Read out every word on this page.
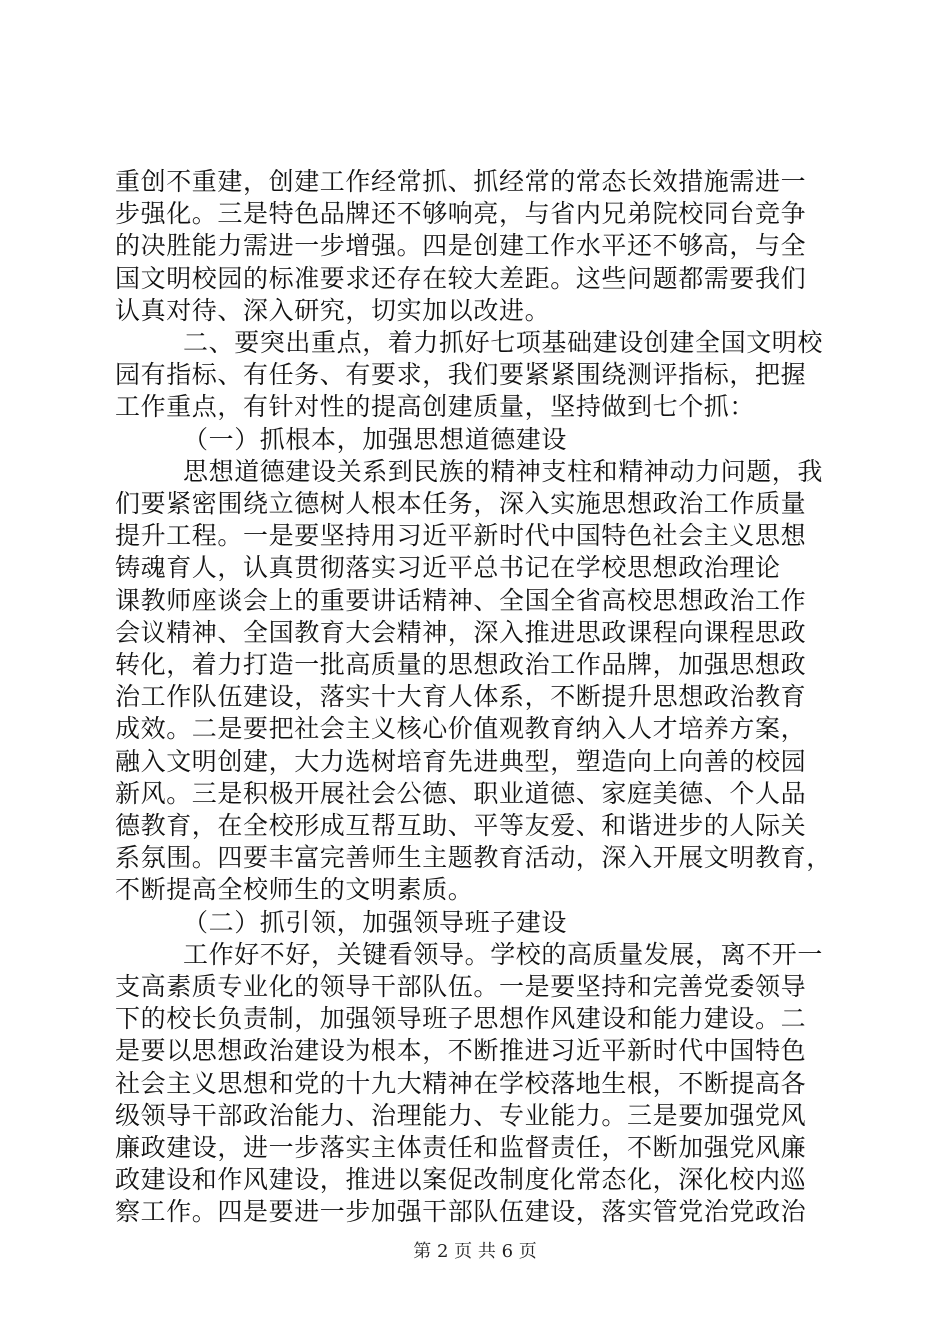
重创不重建，创建工作经常抓、抓经常的常态长效措施需进一
步强化。三是特色品牌还不够响亮，与省内兄弟院校同台竞争
的决胜能力需进一步增强。四是创建工作水平还不够高，与全
国文明校园的标准要求还存在较大差距。这些问题都需要我们
认真对待、深入研究，切实加以改进。
二、要突出重点，着力抓好七项基础建设创建全国文明校
园有指标、有任务、有要求，我们要紧紧围绕测评指标，把握
工作重点，有针对性的提高创建质量，坚持做到七个抓：
（一）抓根本，加强思想道德建设
思想道德建设关系到民族的精神支柱和精神动力问题，我
们要紧密围绕立德树人根本任务，深入实施思想政治工作质量
提升工程。一是要坚持用习近平新时代中国特色社会主义思想
铸魂育人，认真贯彻落实习近平总书记在学校思想政治理论
课教师座谈会上的重要讲话精神、全国全省高校思想政治工作
会议精神、全国教育大会精神，深入推进思政课程向课程思政
转化，着力打造一批高质量的思想政治工作品牌，加强思想政
治工作队伍建设，落实十大育人体系，不断提升思想政治教育
成效。二是要把社会主义核心价值观教育纳入人才培养方案，
融入文明创建，大力选树培育先进典型，塑造向上向善的校园
新风。三是积极开展社会公德、职业道德、家庭美德、个人品
德教育，在全校形成互帮互助、平等友爱、和谐进步的人际关
系氛围。四要丰富完善师生主题教育活动，深入开展文明教育，
不断提高全校师生的文明素质。
（二）抓引领，加强领导班子建设
工作好不好，关键看领导。学校的高质量发展，离不开一
支高素质专业化的领导干部队伍。一是要坚持和完善党委领导
下的校长负责制，加强领导班子思想作风建设和能力建设。二
是要以思想政治建设为根本，不断推进习近平新时代中国特色
社会主义思想和党的十九大精神在学校落地生根，不断提高各
级领导干部政治能力、治理能力、专业能力。三是要加强党风
廉政建设，进一步落实主体责任和监督责任，不断加强党风廉
政建设和作风建设，推进以案促改制度化常态化，深化校内巡
察工作。四是要进一步加强干部队伍建设，落实管党治党政治
第 2 页 共 6 页
